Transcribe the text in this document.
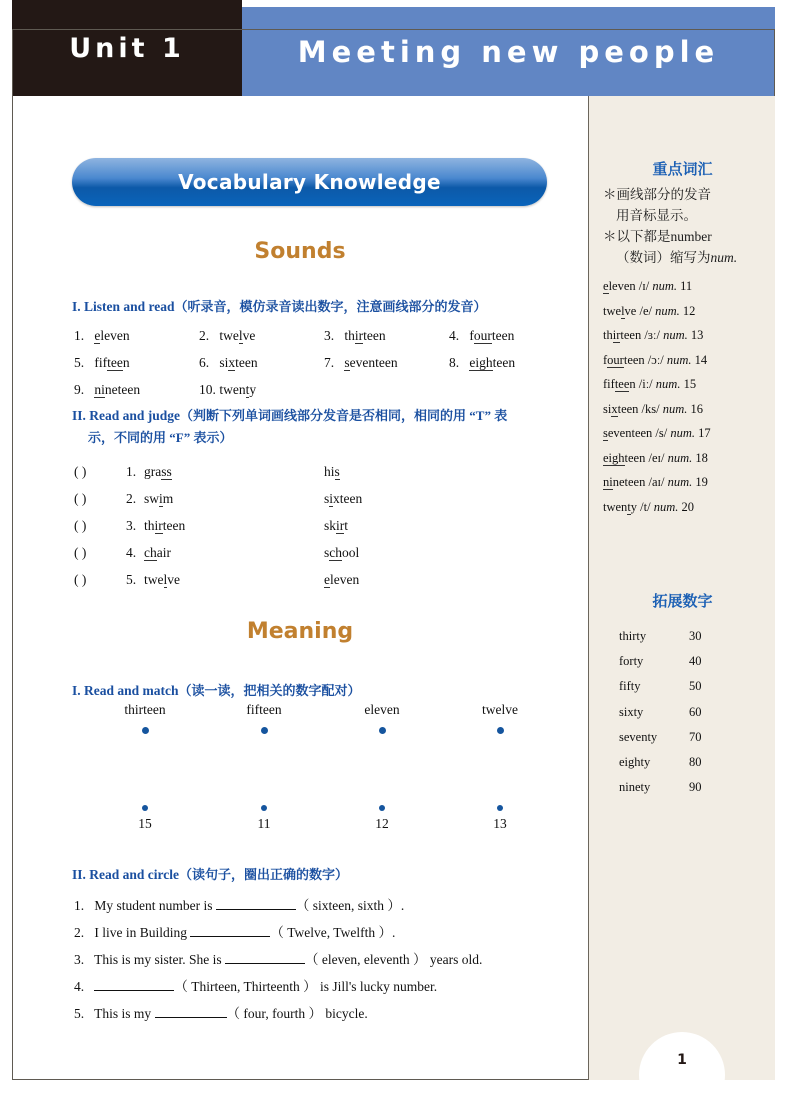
Unit 1	Meeting new people
Vocabulary Knowledge
Sounds
I. Listen and read（听录音，模仿录音读出数字，注意画线部分的发音）
1. eleven	2. twelve	3. thirteen	4. fourteen
5. fifteen	6. sixteen	7. seventeen	8. eighteen
9. nineteen	10. twenty
II. Read and judge（判断下列单词画线部分发音是否相同，相同的用 “T” 表
示，不同的用 “F” 表示）
( )	1. grass	his
( )	2. swim	sixteen
( )	3. thirteen	skirt
( )	4. chair	school
( )	5. twelve	eleven
Meaning
I. Read and match（读一读，把相关的数字配对）
thirteen	fifteen	eleven	twelve
15	11	12	13
II. Read and circle（读句子，圈出正确的数字）
1. My student number is	（ sixteen, sixth ）.
2. I live in Building	（ Twelve, Twelfth ）.
3. This is my sister. She is	（ eleven, eleventh ） years old.
4.	（ Thirteen, Thirteenth ） is Jill's lucky number.
5. This is my	（ four, fourth ） bicycle.
重点词汇
＊画线部分的发音
用音标显示。
＊以下都是number
（数词）缩写为num.
eleven /ɪ/ num. 11
twelve /e/ num. 12
thirteen /ɜː/ num. 13
fourteen /ɔː/ num. 14
fifteen /iː/ num. 15
sixteen /ks/ num. 16
seventeen /s/ num. 17
eighteen /eɪ/ num. 18
nineteen /aɪ/ num. 19
twenty /t/ num. 20
拓展数字
thirty	30
forty	40
fifty	50
sixty	60
seventy	70
eighty	80
ninety	90
1
